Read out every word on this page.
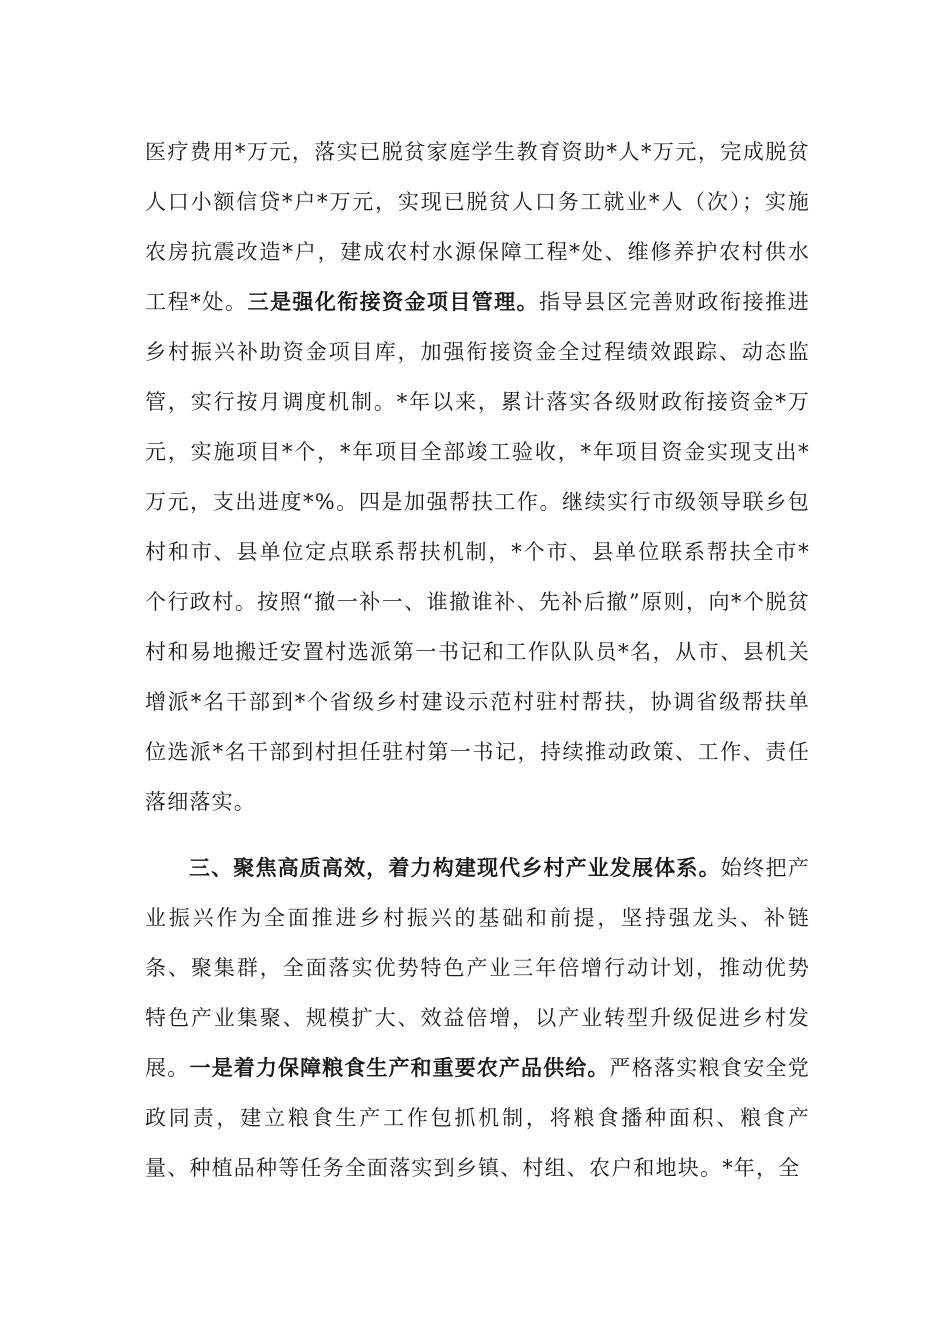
医疗费用*万元，落实已脱贫家庭学生教育资助*人*万元，完成脱贫人口小额信贷*户*万元，实现已脱贫人口务工就业*人（次）；实施农房抗震改造*户，建成农村水源保障工程*处、维修养护农村供水工程*处。三是强化衔接资金项目管理。指导县区完善财政衔接推进乡村振兴补助资金项目库，加强衔接资金全过程绩效跟踪、动态监管，实行按月调度机制。*年以来，累计落实各级财政衔接资金*万元，实施项目*个，*年项目全部竣工验收，*年项目资金实现支出*万元，支出进度*%。四是加强帮扶工作。继续实行市级领导联乡包村和市、县单位定点联系帮扶机制，*个市、县单位联系帮扶全市*个行政村。按照“撤一补一、谁撤谁补、先补后撤”原则，向*个脱贫村和易地搬迁安置村选派第一书记和工作队队员*名，从市、县机关增派*名干部到*个省级乡村建设示范村驻村帮扶，协调省级帮扶单位选派*名干部到村担任驻村第一书记，持续推动政策、工作、责任落细落实。

三、聚焦高质高效，着力构建现代乡村产业发展体系。始终把产业振兴作为全面推进乡村振兴的基础和前提，坚持强龙头、补链条、聚集群，全面落实优势特色产业三年倍增行动计划，推动优势特色产业集聚、规模扩大、效益倍增，以产业转型升级促进乡村发展。一是着力保障粮食生产和重要农产品供给。严格落实粮食安全党政同责，建立粮食生产工作包抓机制，将粮食播种面积、粮食产量、种植品种等任务全面落实到乡镇、村组、农户和地块。*年，全
